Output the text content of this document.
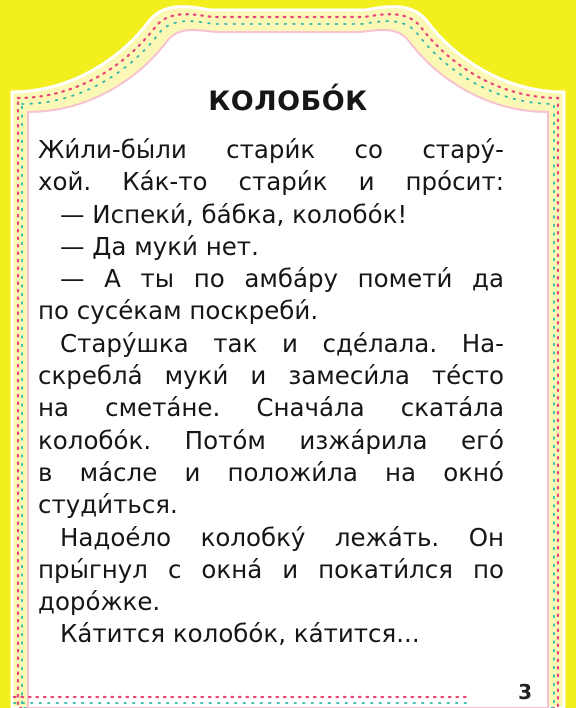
КОЛОБО́К
Жи́ли-бы́ли стари́к со стару́-
хой. Ка́к-то стари́к и про́сит:
— Испеки́, ба́бка, колобо́к!
— Да муки́ нет.
— А ты по амба́ру помети́ да
по сусе́кам поскреби́.
Стару́шка так и сде́лала. На-
скребла́ муки́ и замеси́ла те́сто
на смета́не. Снача́ла ската́ла
колобо́к. Пото́м изжа́рила его́
в ма́сле и положи́ла на окно́
студи́ться.
Надое́ло колобку́ лежа́ть. Он
пры́гнул с окна́ и покати́лся по
доро́жке.
Ка́тится колобо́к, ка́тится...
3
